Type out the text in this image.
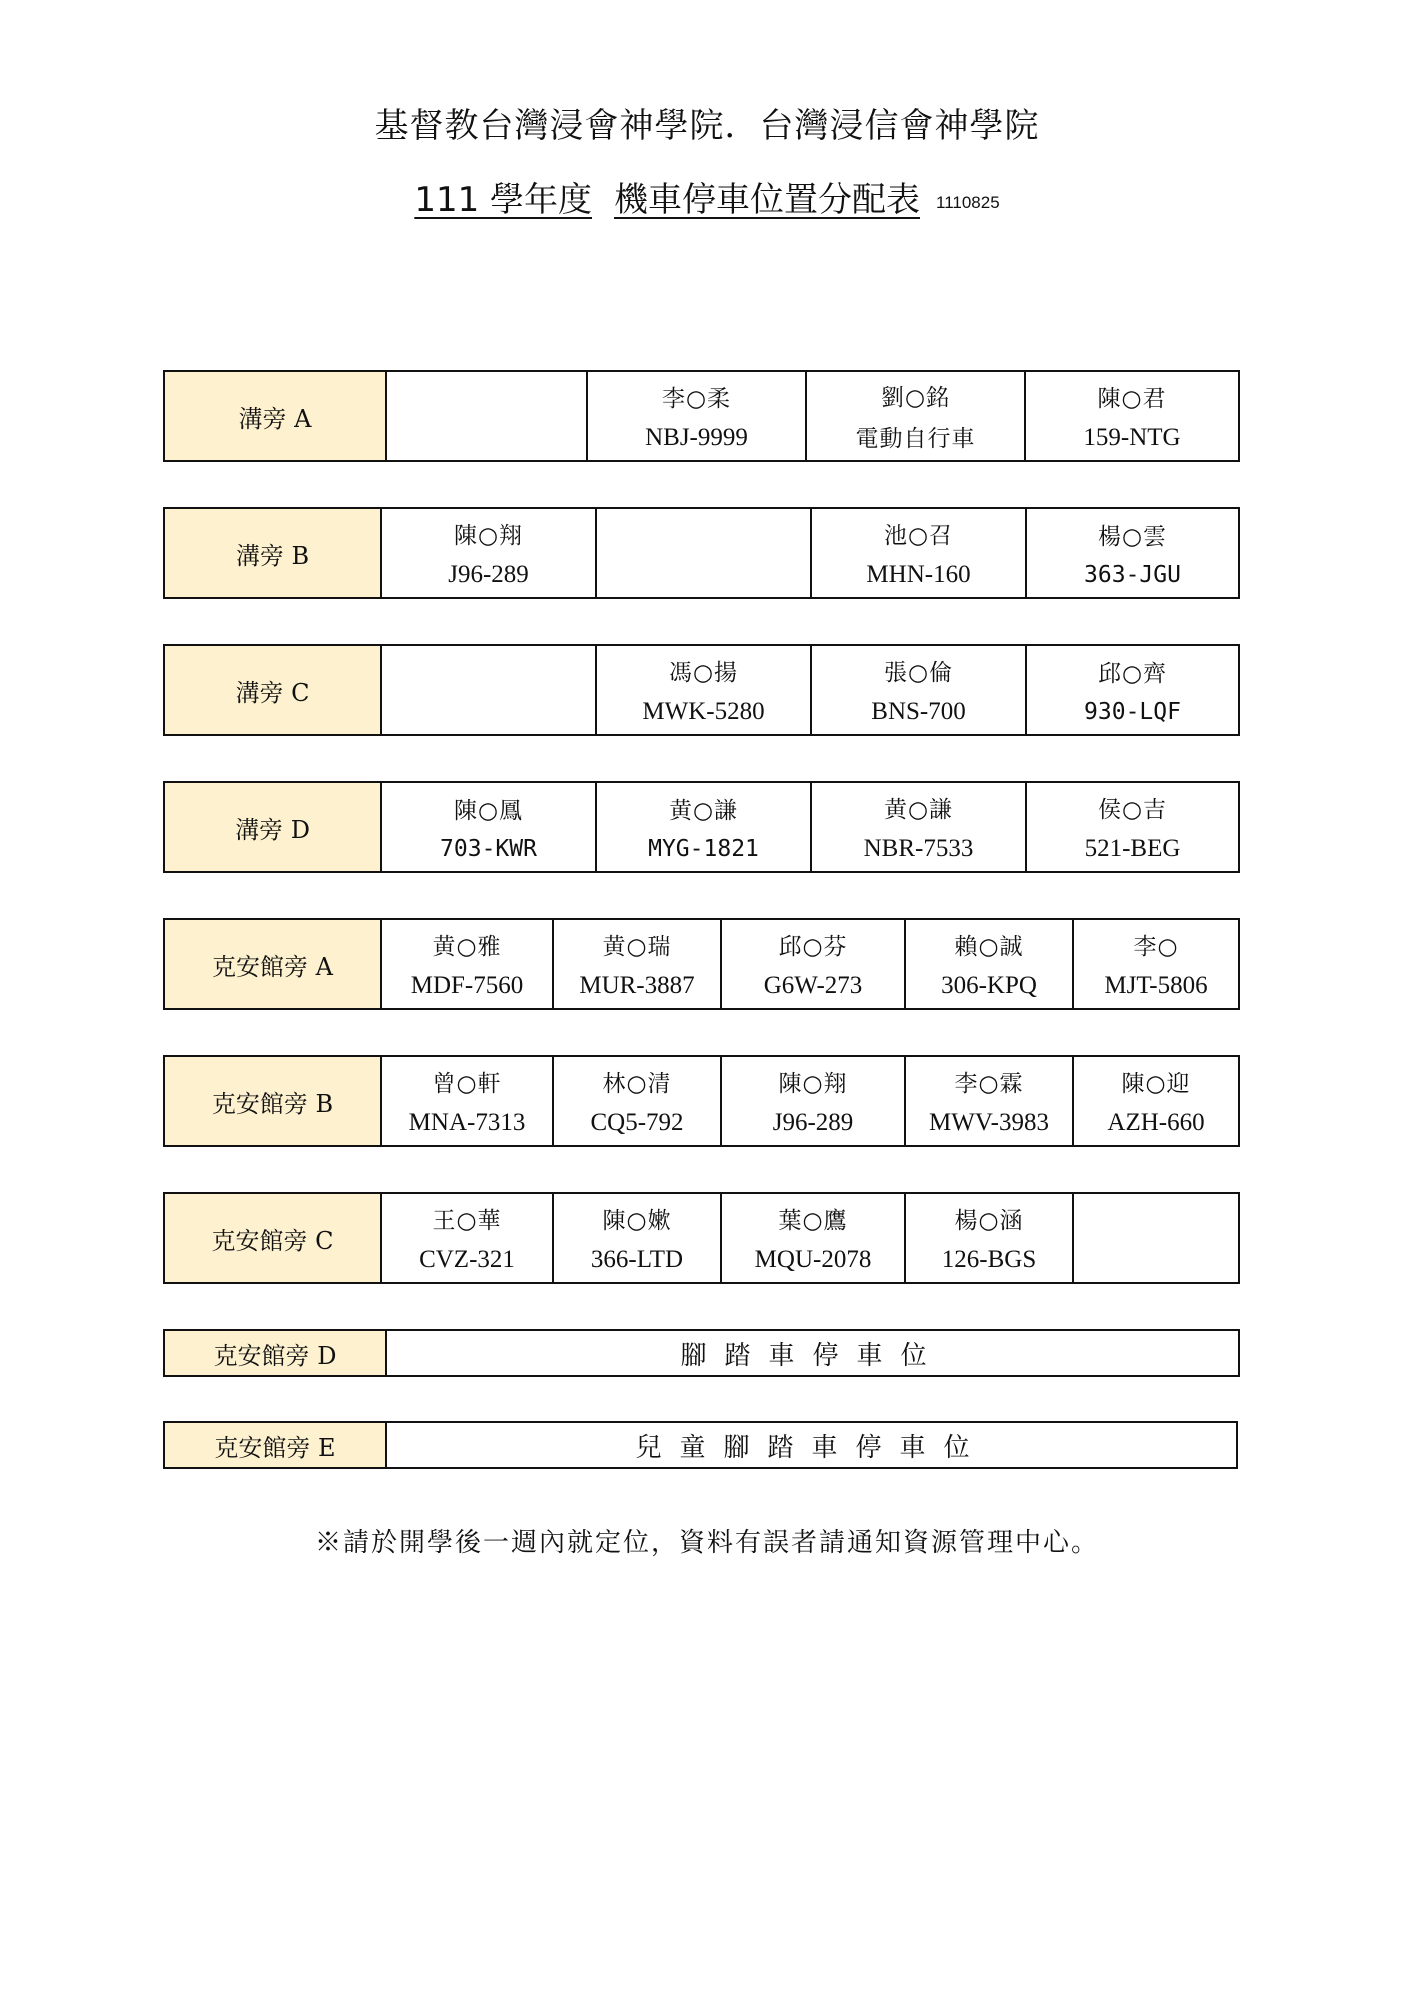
基督教台灣浸會神學院．台灣浸信會神學院
111 學年度 機車停車位置分配表 1110825
溝旁 A
李○柔
NBJ-9999
劉○銘
電動自行車
陳○君
159-NTG
溝旁 B
陳○翔
J96-289
池○召
MHN-160
楊○雲
363-JGU
溝旁 C
馮○揚
MWK-5280
張○倫
BNS-700
邱○齊
930-LQF
溝旁 D
陳○鳳
703-KWR
黄○謙
MYG-1821
黄○謙
NBR-7533
侯○吉
521-BEG
克安館旁 A
黄○雅
MDF-7560
黄○瑞
MUR-3887
邱○芬
G6W-273
賴○誠
306-KPQ
李○
MJT-5806
克安館旁 B
曾○軒
MNA-7313
林○清
CQ5-792
陳○翔
J96-289
李○霖
MWV-3983
陳○迎
AZH-660
克安館旁 C
王○華
CVZ-321
陳○嫰
366-LTD
葉○鷹
MQU-2078
楊○涵
126-BGS
克安館旁 D	腳踏車停車位
克安館旁 E	兒童腳踏車停車位
※請於開學後一週內就定位，資料有誤者請通知資源管理中心。
